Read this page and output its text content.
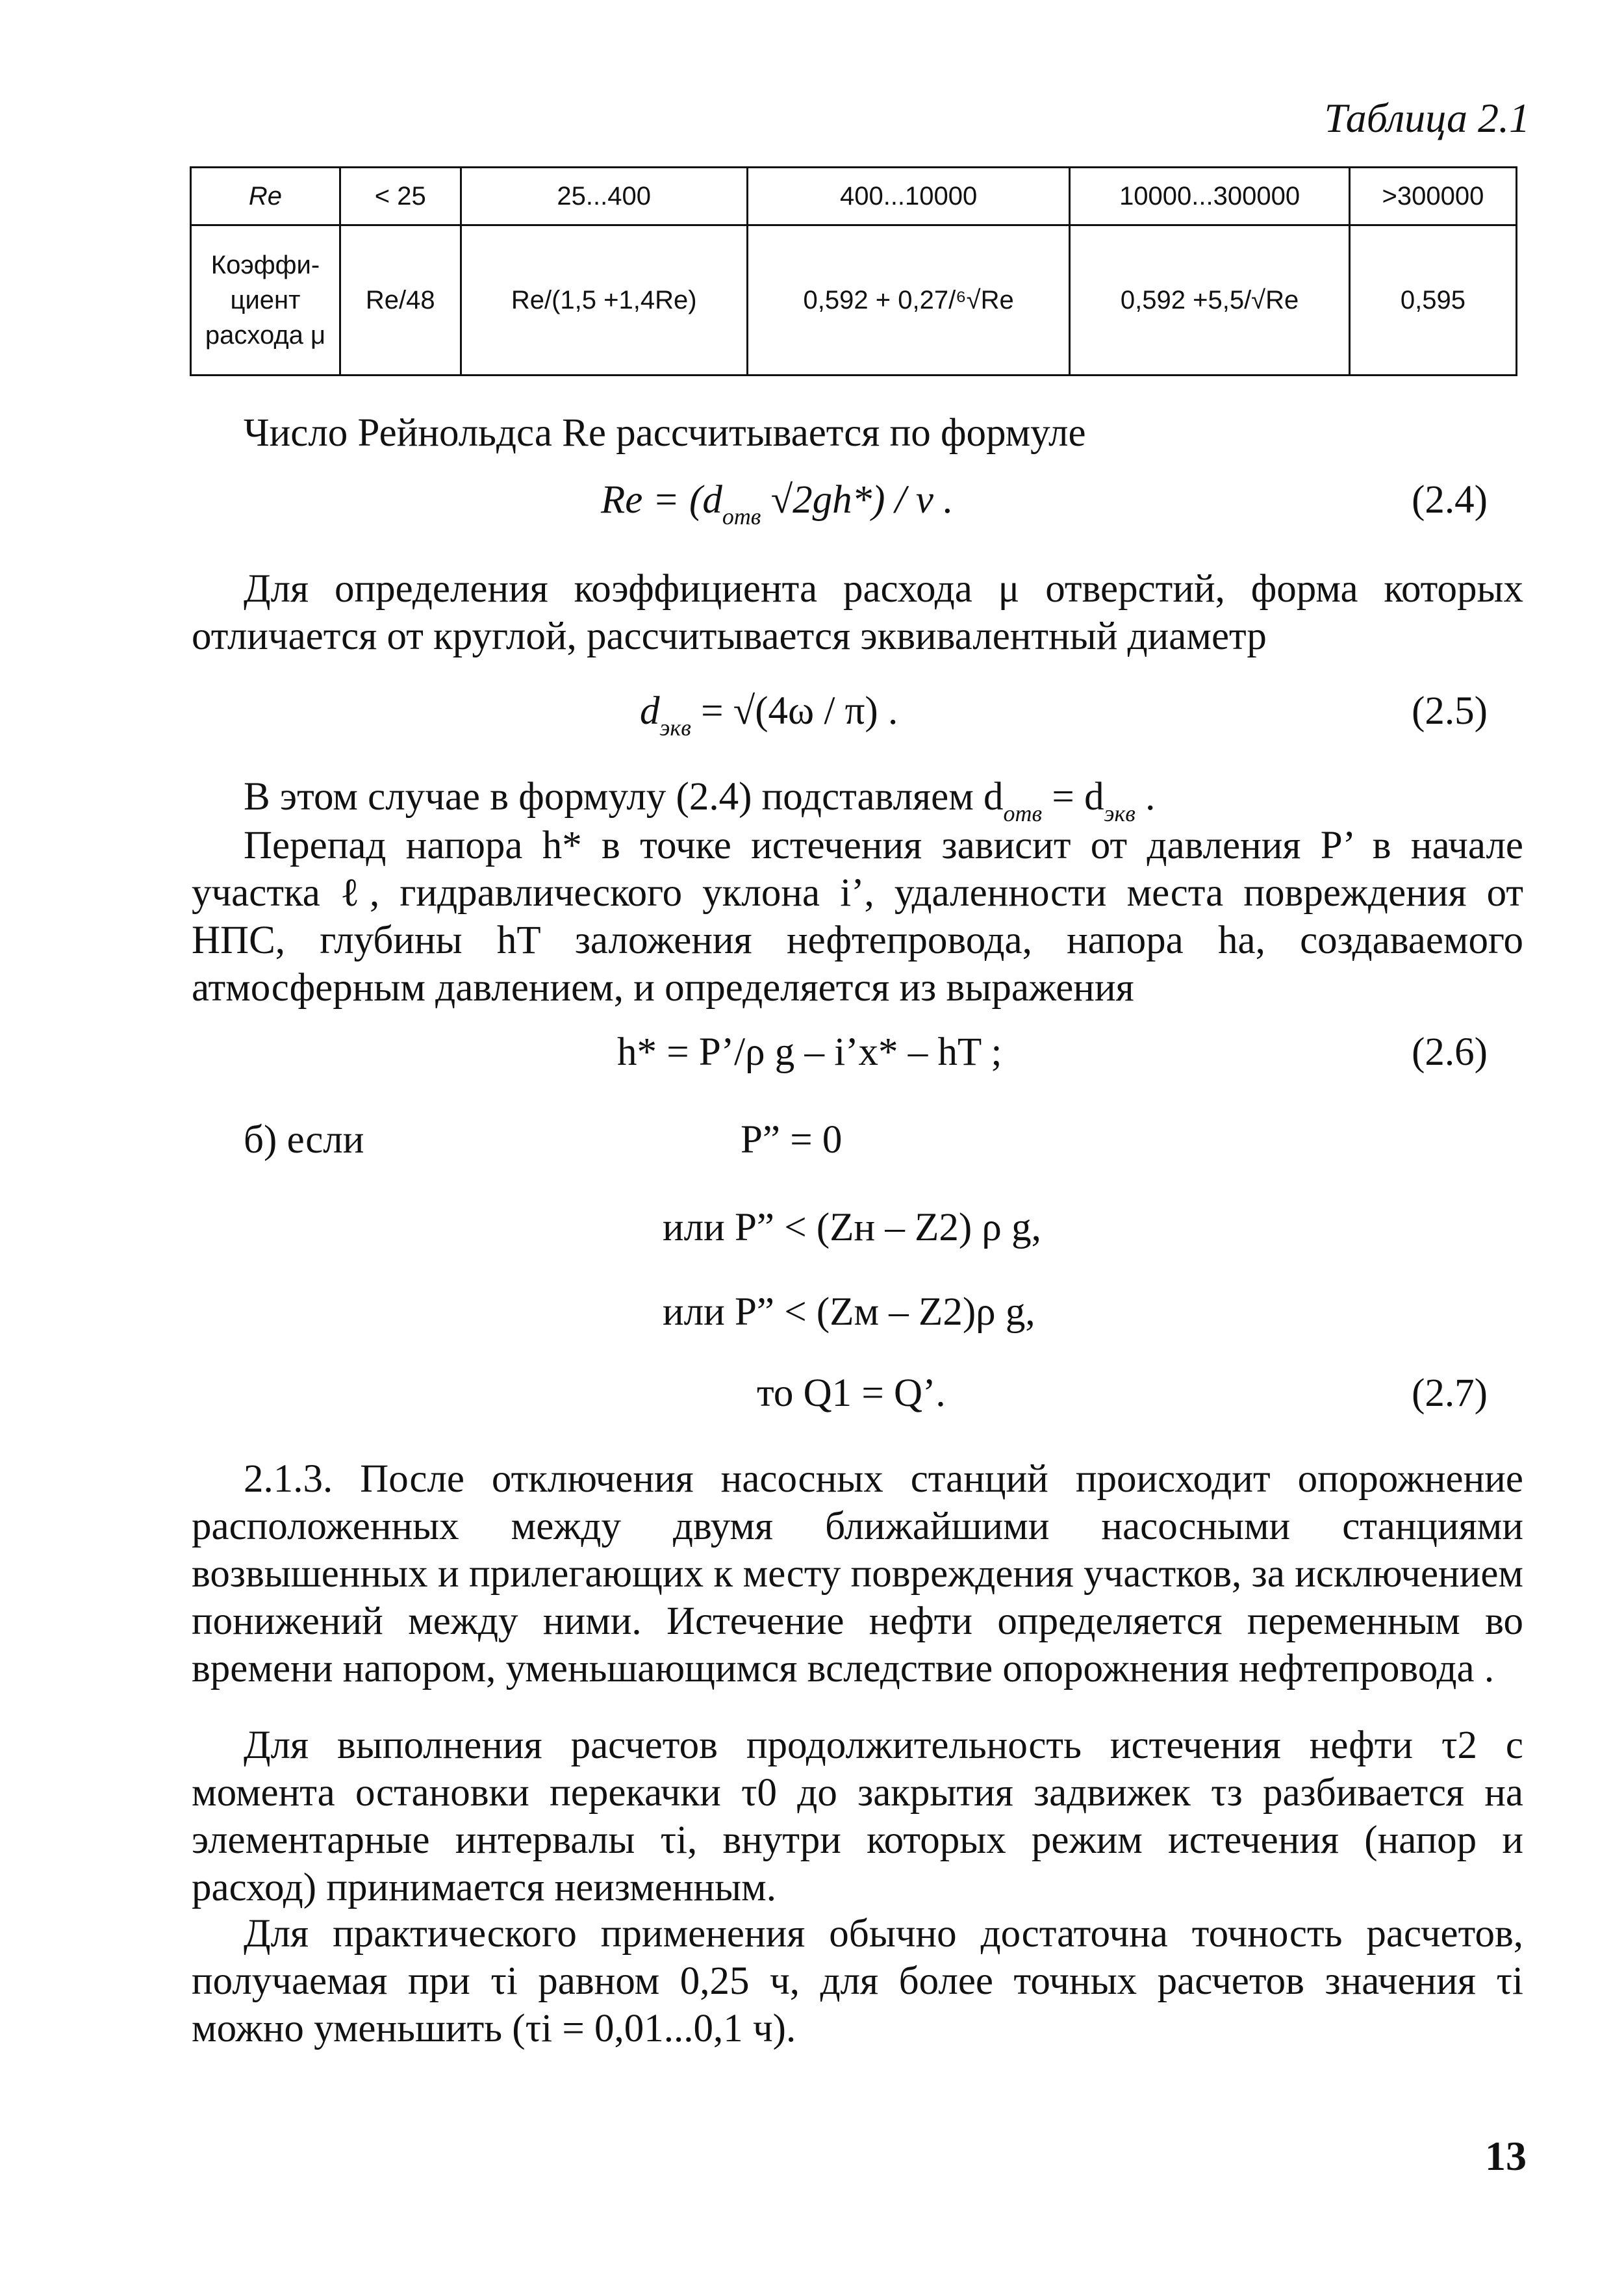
Таблица 2.1
Re	< 25	25...400	400...10000	10000...300000	>300000

Коэффи-
циент
расхода μ	Re/48	Re/(1,5 +1,4Re)	0,592 + 0,27/⁶√Re	0,592 +5,5/√Re	0,595

Число Рейнольдса Re рассчитывается по формуле

$Re = (d_{отв}$ √2gh*) / ν .	(2.4)

Для определения коэффициента расхода μ отверстий, форма которых отличается от круглой, рассчитывается эквивалентный диаметр

$d_{экв} = √(4\omega / \pi)$ .	(2.5)

В этом случае в формулу (2.4) подставляем $d_{отв} = d_{экв}$ .

Перепад напора h* в точке истечения зависит от давления P’ в начале участка ℓ, гидравлического уклона i’, удаленности места повреждения от НПС, глубины hT заложения нефтепровода, напора hа, создаваемого атмосферным давлением, и определяется из выражения

h* = P’/ρ g – i’x* – hT ;	(2.6)
б) если	P” = 0
или P” < (Zн – Z2) ρ g,
или P” < (Zм – Z2)ρ g,
то Q1 = Q’.	(2.7)

2.1.3. После отключения насосных станций происходит опорожнение расположенных между двумя ближайшими насосными станциями возвышенных и прилегающих к месту повреждения участков, за исключением понижений между ними. Истечение нефти определяется переменным во времени напором, уменьшающимся вследствие опорожнения нефтепровода .

Для выполнения расчетов продолжительность истечения нефти τ2 с момента остановки перекачки τ0 до закрытия задвижек τз разбивается на элементарные интервалы τi, внутри которых режим истечения (напор и расход) принимается неизменным.

Для практического применения обычно достаточна точность расчетов, получаемая при τi равном 0,25 ч, для более точных расчетов значения τi можно уменьшить (τi = 0,01...0,1 ч).

13
